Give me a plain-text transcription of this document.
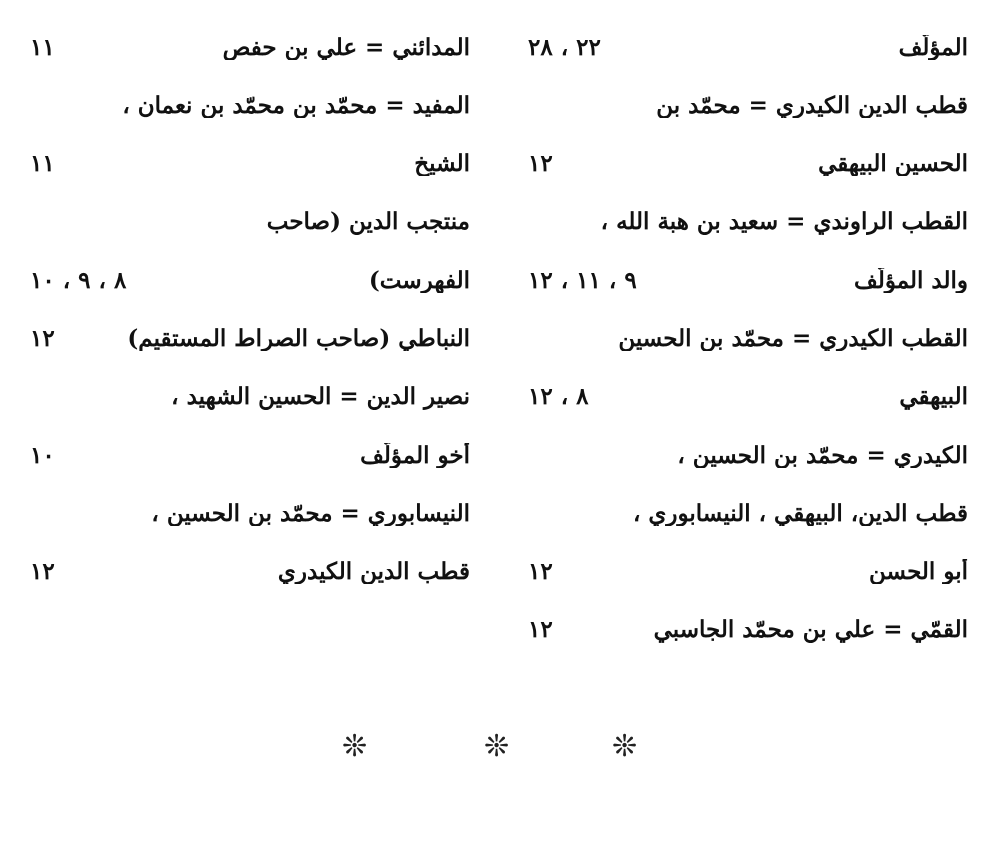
المؤلّف
٢٢ ، ٢٨
قطب الدين الكيدري = محمّد بن
الحسين البيهقي
١٢
القطب الراوندي = سعيد بن هبة الله ،
والد المؤلّف
٩ ، ١١ ، ١٢
القطب الكيدري = محمّد بن الحسين
البيهقي
٨ ، ١٢
الكيدري = محمّد بن الحسين ،
قطب الدين، البيهقي ، النيسابوري ،
أبو الحسن
١٢
القمّي = علي بن محمّد الجاسبي
١٢
المدائني = علي بن حفص
١١
المفيد = محمّد بن محمّد بن نعمان ،
الشيخ
١١
منتجب الدين (صاحب
الفهرست)
٨ ، ٩ ، ١٠
النباطي (صاحب الصراط المستقيم)
١٢
نصير الدين = الحسين الشهيد ،
أخو المؤلّف
١٠
النيسابوري = محمّد بن الحسين ،
قطب الدين الكيدري
١٢
❊	❊	❊
